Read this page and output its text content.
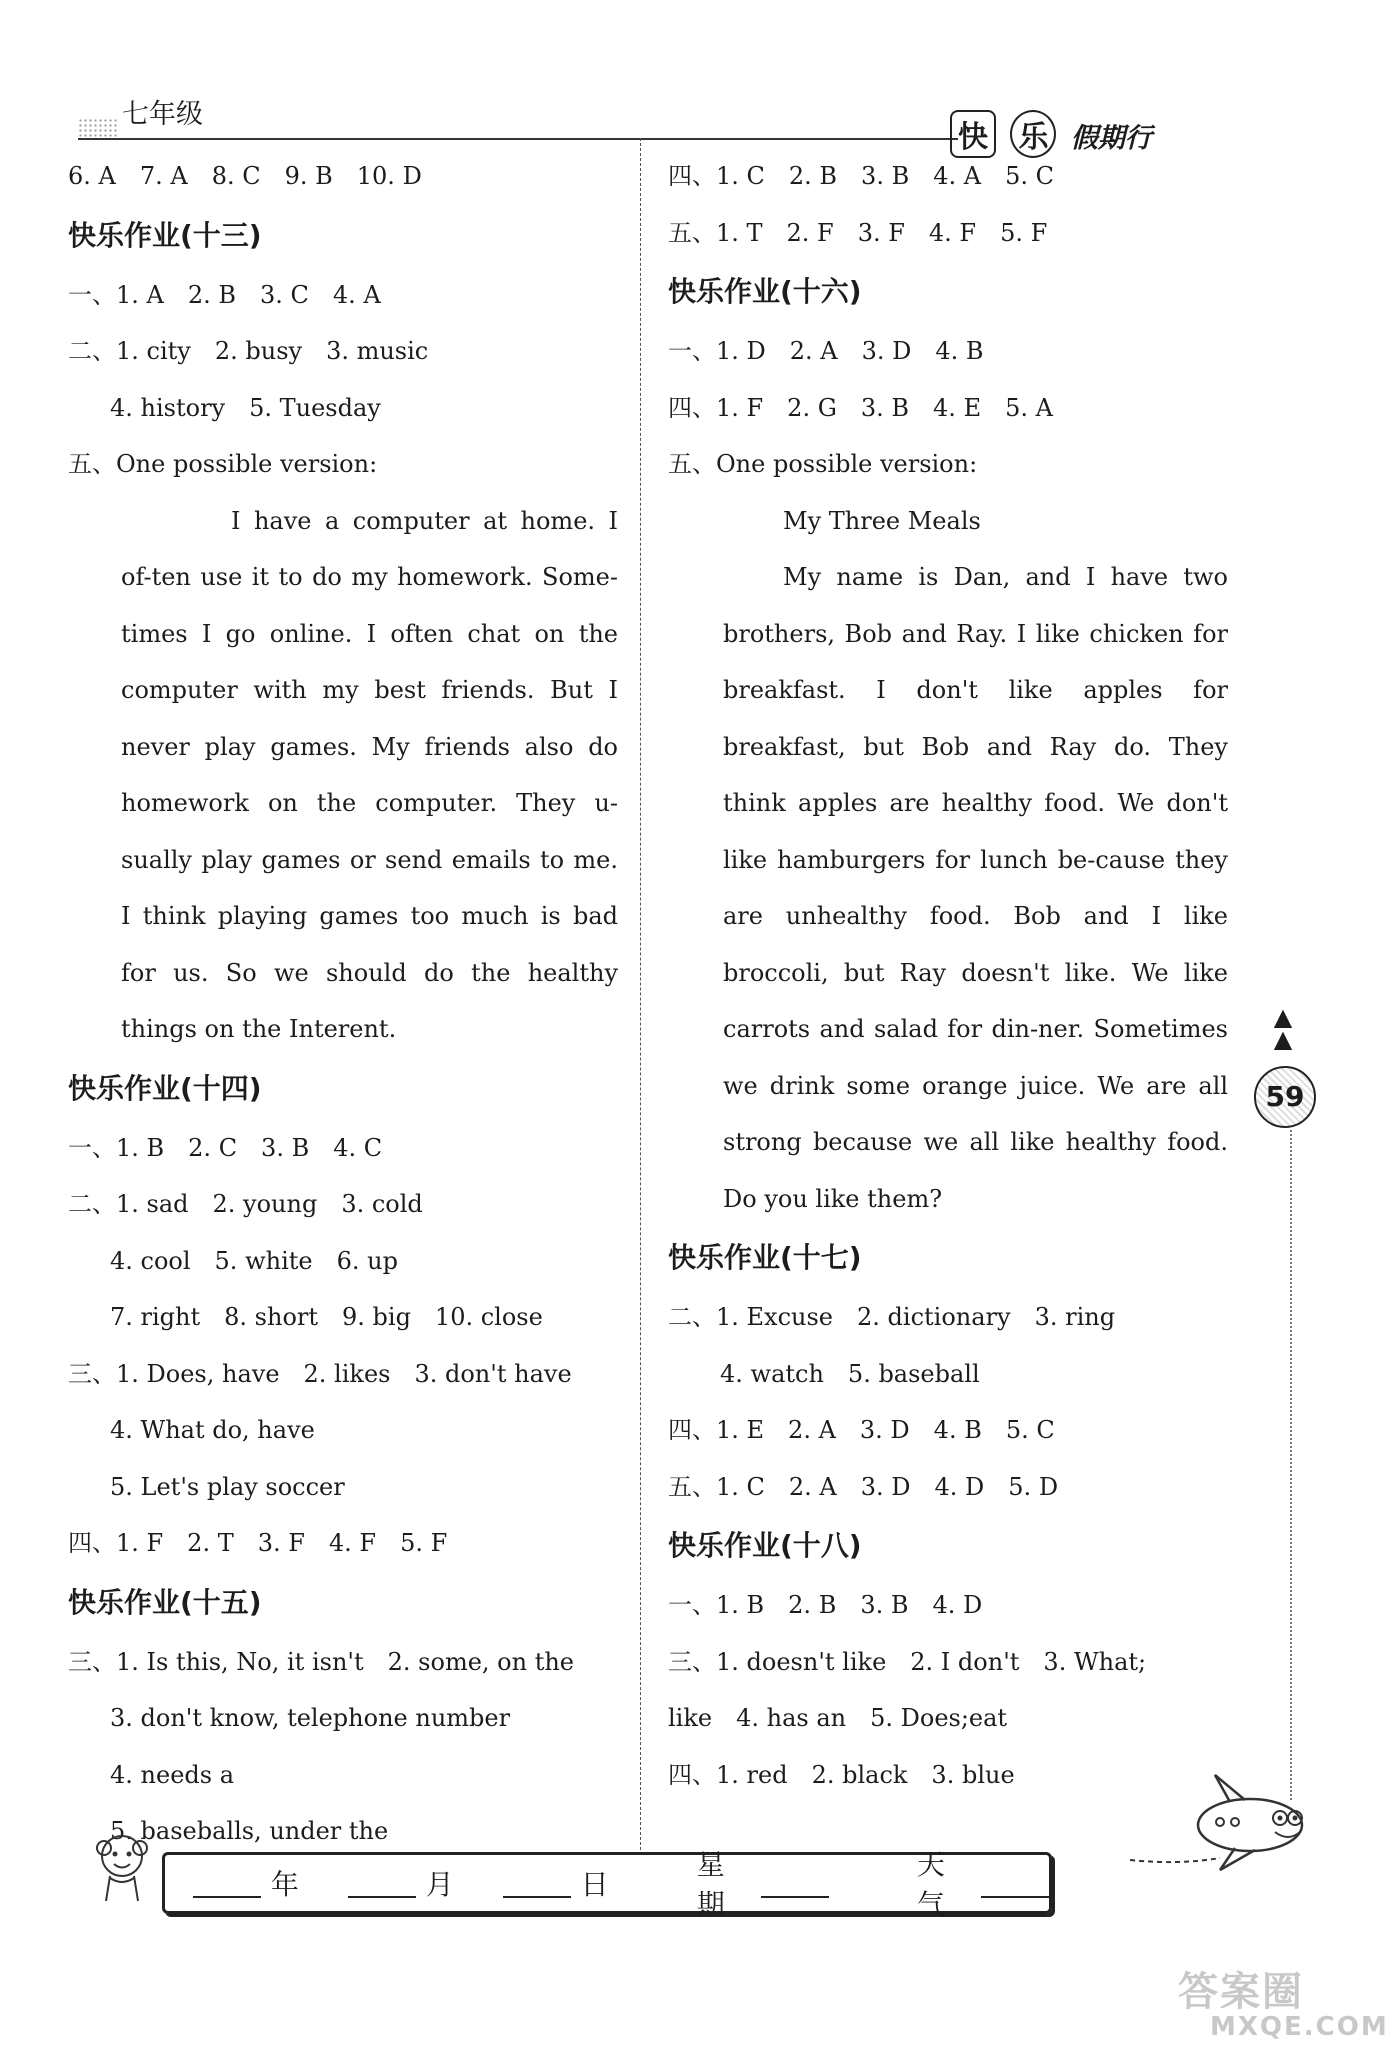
七年级
快 乐 假期行
6. A　7. A　8. C　9. B　10. D
快乐作业(十三)
一、1. A　2. B　3. C　4. A
二、1. city　2. busy　3. music
4. history　5. Tuesday
五、One possible version:
I have a computer at home. I of-ten use it to do my homework. Some-times I go online. I often chat on the computer with my best friends. But I never play games. My friends also do homework on the computer. They u-sually play games or send emails to me. I think playing games too much is bad for us. So we should do the healthy things on the Interent.
快乐作业(十四)
一、1. B　2. C　3. B　4. C
二、1. sad　2. young　3. cold
4. cool　5. white　6. up
7. right　8. short　9. big　10. close
三、1. Does, have　2. likes　3. don't have
4. What do, have
5. Let's play soccer
四、1. F　2. T　3. F　4. F　5. F
快乐作业(十五)
三、1. Is this, No, it isn't　2. some, on the
3. don't know, telephone number
4. needs a
5. baseballs, under the
四、1. C　2. B　3. B　4. A　5. C
五、1. T　2. F　3. F　4. F　5. F
快乐作业(十六)
一、1. D　2. A　3. D　4. B
四、1. F　2. G　3. B　4. E　5. A
五、One possible version:
My Three Meals
My name is Dan, and I have two brothers, Bob and Ray. I like chicken for breakfast. I don't like apples for breakfast, but Bob and Ray do. They think apples are healthy food. We don't like hamburgers for lunch be-cause they are unhealthy food. Bob and I like broccoli, but Ray doesn't like. We like carrots and salad for din-ner. Sometimes we drink some orange juice. We are all strong because we all like healthy food. Do you like them?
快乐作业(十七)
二、1. Excuse　2. dictionary　3. ring
4. watch　5. baseball
四、1. E　2. A　3. D　4. B　5. C
五、1. C　2. A　3. D　4. D　5. D
快乐作业(十八)
一、1. B　2. B　3. B　4. D
三、1. doesn't like　2. I don't　3. What;
like　4. has an　5. Does;eat
四、1. red　2. black　3. blue
▲
▲
59
年	月	日
星期
天气
答案圈
MXQE.COM
